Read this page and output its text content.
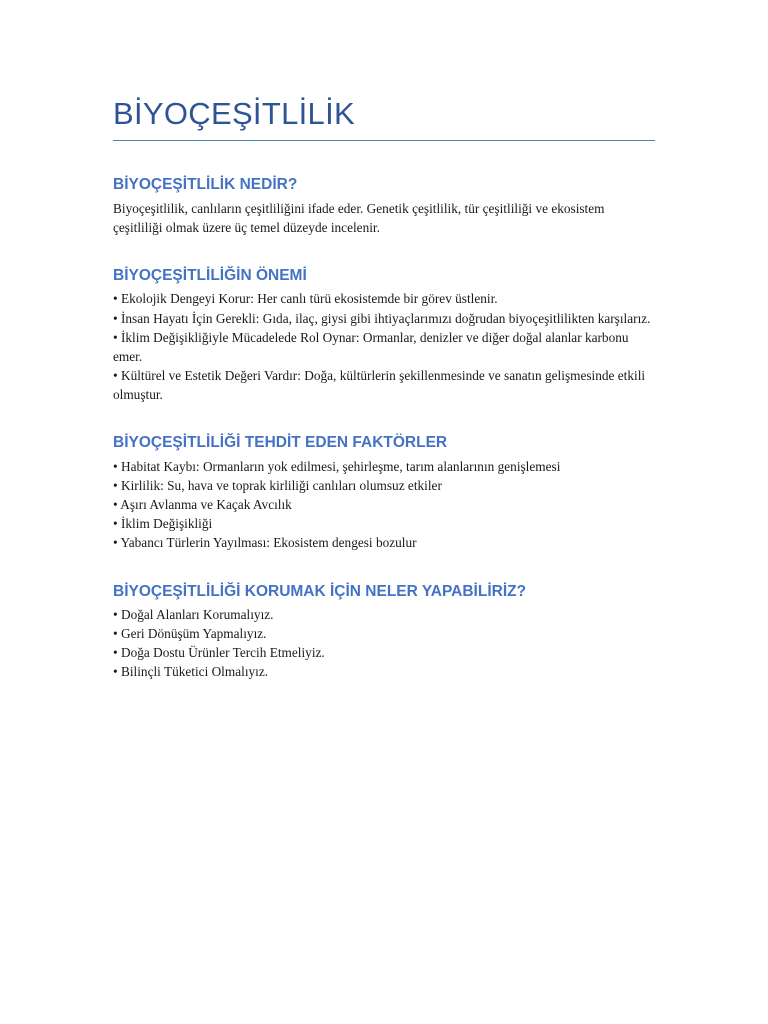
BİYOÇEŞİTLİLİK
BİYOÇEŞİTLİLİK NEDİR?

Biyoçeşitlilik, canlıların çeşitliliğini ifade eder. Genetik çeşitlilik, tür çeşitliliği ve ekosistem çeşitliliği olmak üzere üç temel düzeyde incelenir.

BİYOÇEŞİTLİLİĞİN ÖNEMİ
• Ekolojik Dengeyi Korur: Her canlı türü ekosistemde bir görev üstlenir.
• İnsan Hayatı İçin Gerekli: Gıda, ilaç, giysi gibi ihtiyaçlarımızı doğrudan biyoçeşitlilikten karşılarız.
• İklim Değişikliğiyle Mücadelede Rol Oynar: Ormanlar, denizler ve diğer doğal alanlar karbonu emer.
• Kültürel ve Estetik Değeri Vardır: Doğa, kültürlerin şekillenmesinde ve sanatın gelişmesinde etkili olmuştur.
BİYOÇEŞİTLİLİĞİ TEHDİT EDEN FAKTÖRLER
• Habitat Kaybı: Ormanların yok edilmesi, şehirleşme, tarım alanlarının genişlemesi
• Kirlilik: Su, hava ve toprak kirliliği canlıları olumsuz etkiler
• Aşırı Avlanma ve Kaçak Avcılık
• İklim Değişikliği
• Yabancı Türlerin Yayılması: Ekosistem dengesi bozulur
BİYOÇEŞİTLİLİĞİ KORUMAK İÇİN NELER YAPABİLİRİZ?
• Doğal Alanları Korumalıyız.
• Geri Dönüşüm Yapmalıyız.
• Doğa Dostu Ürünler Tercih Etmeliyiz.
• Bilinçli Tüketici Olmalıyız.
